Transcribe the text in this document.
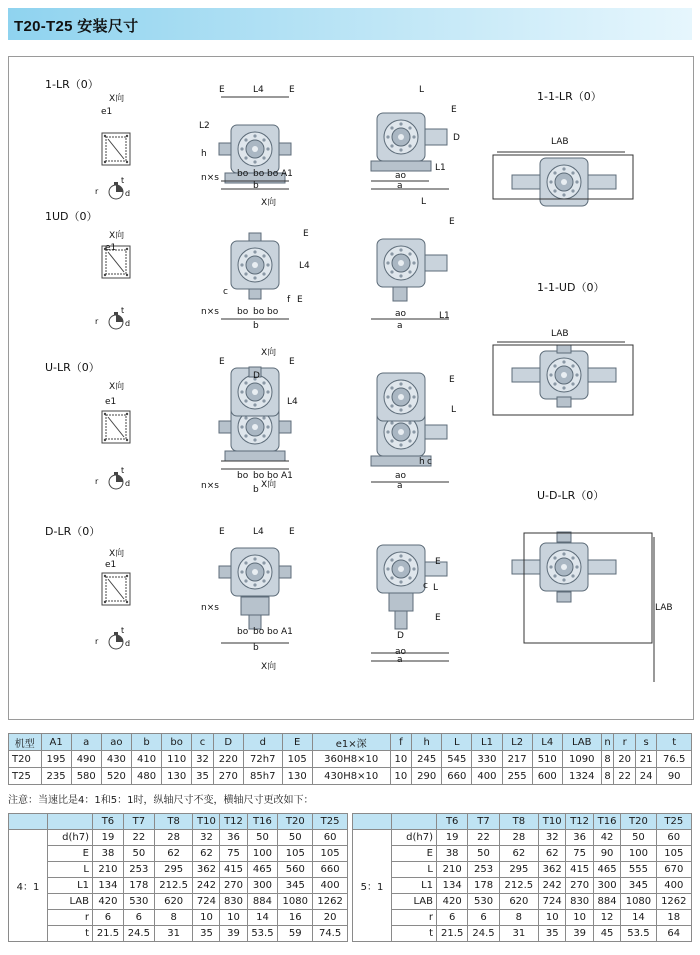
T20-T25 安装尺寸
1-LR（0）
1UD（0）
U-LR（0）
D-LR（0）
1-1-LR（0）
1-1-UD（0）
U-D-LR（0）
X向
X向
X向
X向
X向
X向
X向
X向
e1
E	L4	E
L2
h
n×s bo bo bo A1
b
L
E
D
ao
a
L1
LAB
e1
E
L4
c
f E
n×s bo bo bo
b
L
E
ao
a
L1
LAB
e1
E	E
D
L4
n×s
bo bo bo A1
b
E
L
c
h
a
ao
LAB
e1
E	L4	E
n×s
bo bo bo A1
b
E
c L
E
D
ao
a
t
d
r
t
d
r
t
d
r
t
d
r
机型	A1	a	ao	b	bo	c	D	d	E	e1×深	f	h	L	L1	L2	L4	LAB	n	r	s	t
T20	195	490	430	410	110	32	220	72h7	105	360H8×10	10	245	545	330	217	510	1090	8	20	21	76.5
T25	235	580	520	480	130	35	270	85h7	130	430H8×10	10	290	660	400	255	600	1324	8	22	24	90
注意：当速比是4：1和5：1时，纵轴尺寸不变，横轴尺寸更改如下：
		T6	T7	T8	T10	T12	T16	T20	T25
4：1	d(h7)	19	22	28	32	36	50	50	60
	E	38	50	62	62	75	100	105	105
	L	210	253	295	362	415	465	560	660
	L1	134	178	212.5	242	270	300	345	400
	LAB	420	530	620	724	830	884	1080	1262
	r	6	6	8	10	10	14	16	20
	t	21.5	24.5	31	35	39	53.5	59	74.5
		T6	T7	T8	T10	T12	T16	T20	T25
5：1	d(h7)	19	22	28	32	36	42	50	60
	E	38	50	62	62	75	90	100	105
	L	210	253	295	362	415	465	555	670
	L1	134	178	212.5	242	270	300	345	400
	LAB	420	530	620	724	830	884	1080	1262
	r	6	6	8	10	10	12	14	18
	t	21.5	24.5	31	35	39	45	53.5	64
